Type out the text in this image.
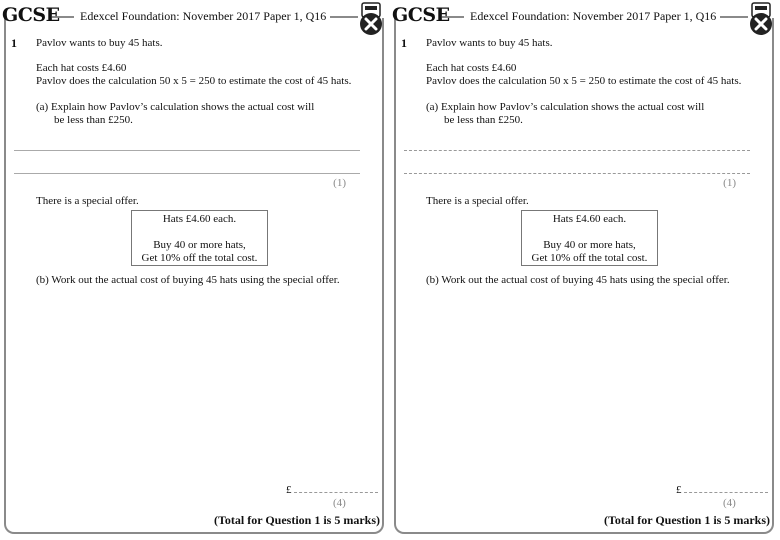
GCSE Edexcel Foundation: November 2017 Paper 1, Q16
1 Pavlov wants to buy 45 hats.
Each hat costs £4.60
Pavlov does the calculation 50 x 5 = 250 to estimate the cost of 45 hats.
(a) Explain how Pavlov’s calculation shows the actual cost will
be less than £250.
(1)
There is a special offer.
Hats £4.60 each.
Buy 40 or more hats,
Get 10% off the total cost.
(b) Work out the actual cost of buying 45 hats using the special offer.
£
(4)
(Total for Question 1 is 5 marks)
GCSE Edexcel Foundation: November 2017 Paper 1, Q16
1 Pavlov wants to buy 45 hats.
Each hat costs £4.60
Pavlov does the calculation 50 x 5 = 250 to estimate the cost of 45 hats.
(a) Explain how Pavlov’s calculation shows the actual cost will
be less than £250.
(1)
There is a special offer.
Hats £4.60 each.
Buy 40 or more hats,
Get 10% off the total cost.
(b) Work out the actual cost of buying 45 hats using the special offer.
£
(4)
(Total for Question 1 is 5 marks)
